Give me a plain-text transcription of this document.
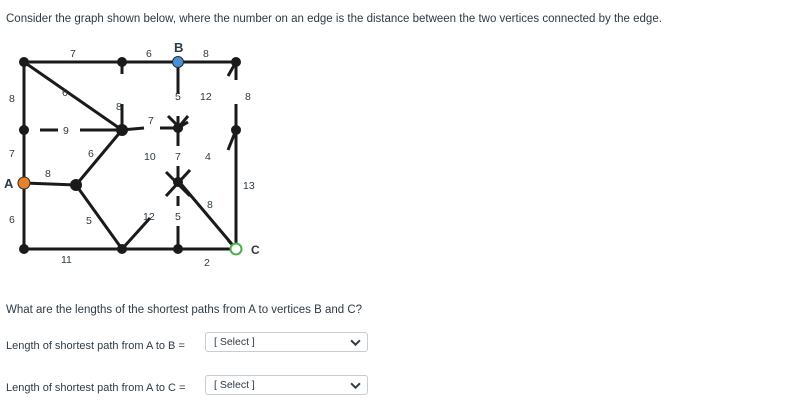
Consider the graph shown below, where the number on an edge is the distance between the two vertices connected by the edge.
B
A
C
7	6	8
8	6
8
5 12	8
9
7
7	6	10 7 4
8
13
8
6	5	12 5
11	2
What are the lengths of the shortest paths from A to vertices B and C?
Length of shortest path from A to B =	[ Select ]
Length of shortest path from A to C =	[ Select ]
